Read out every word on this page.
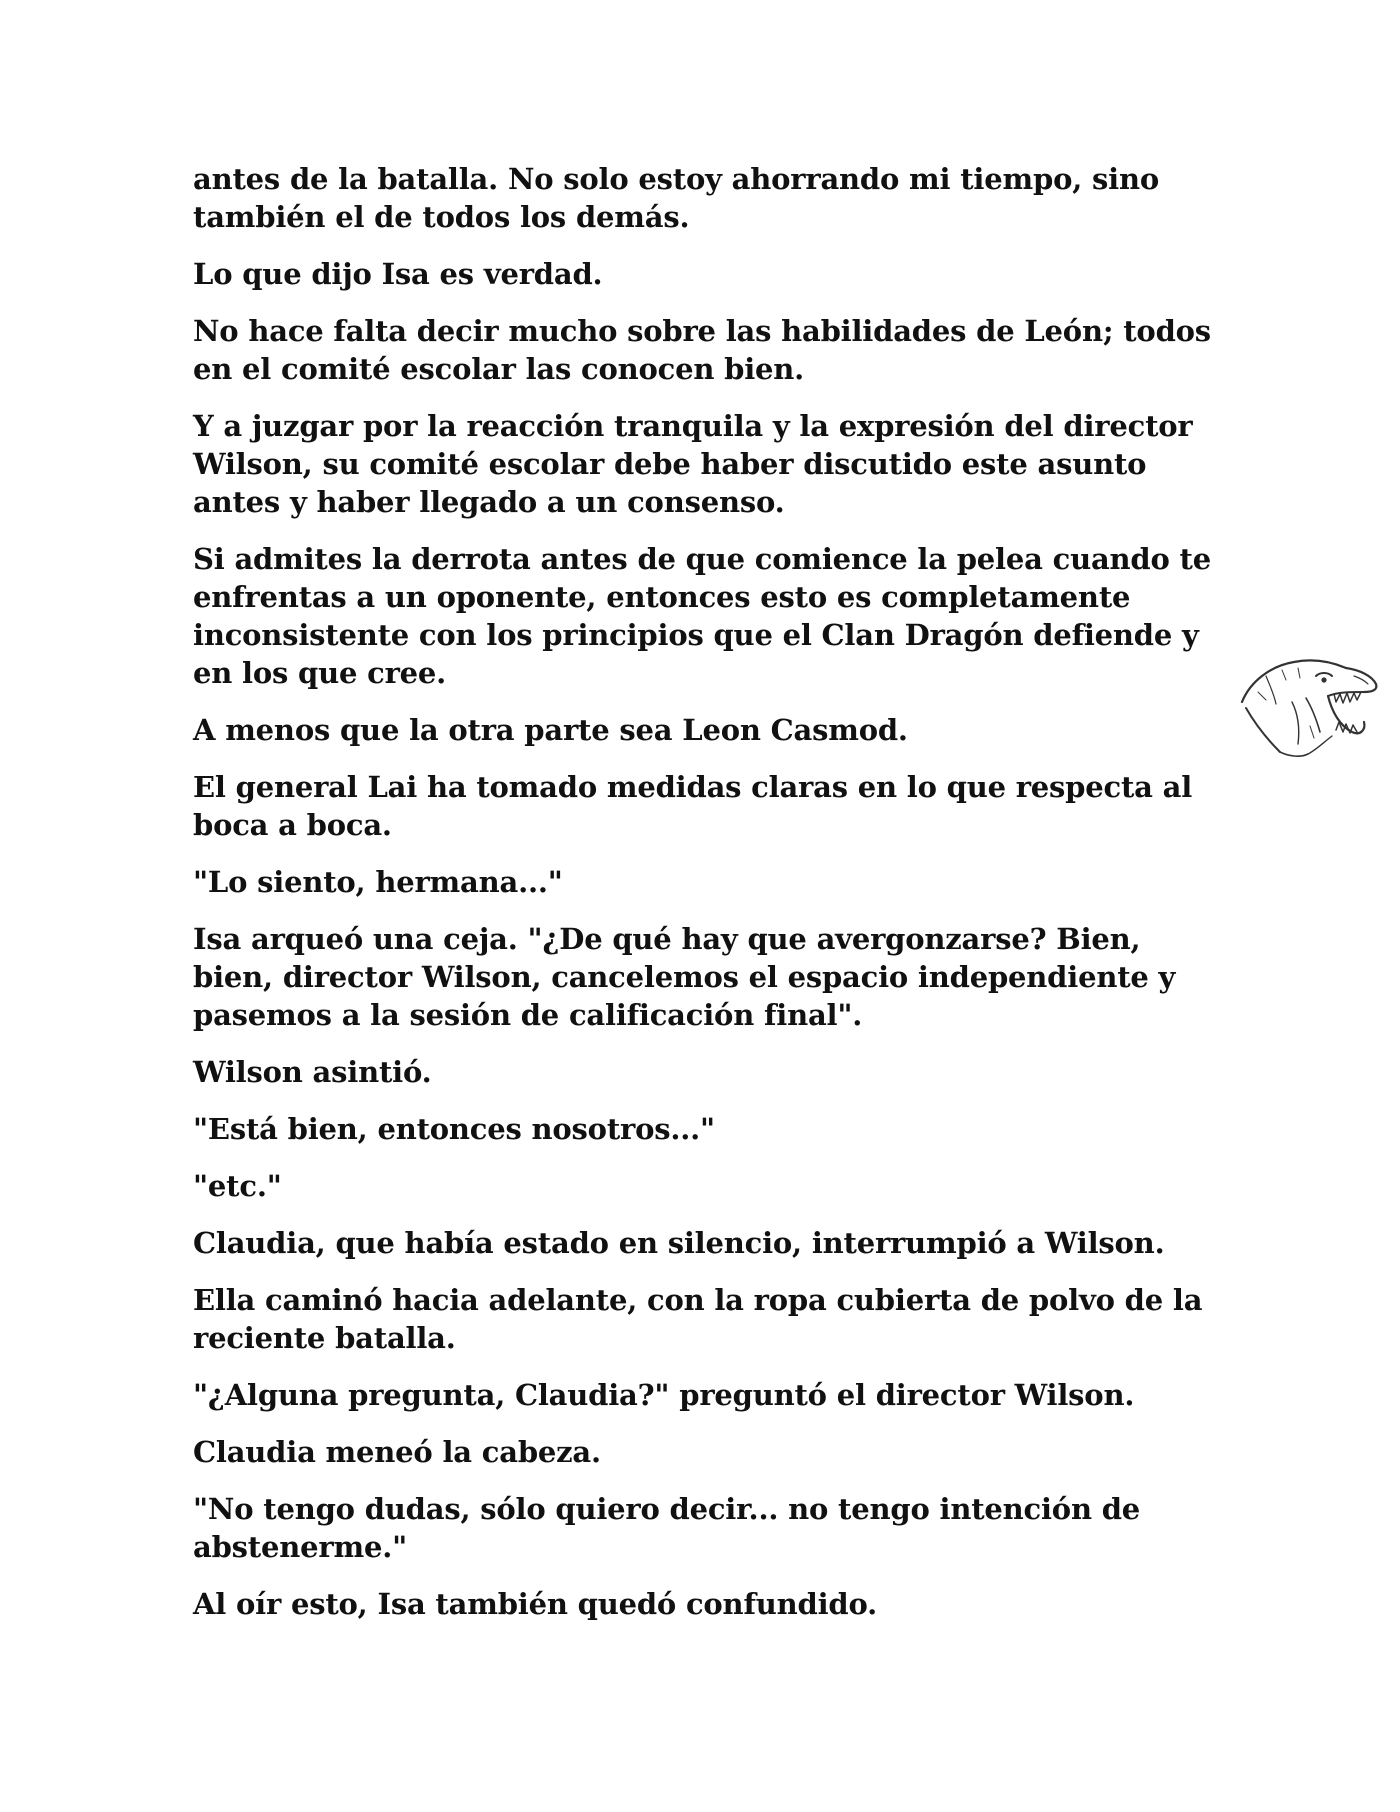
antes de la batalla. No solo estoy ahorrando mi tiempo, sino también el de todos los demás.

Lo que dijo Isa es verdad.

No hace falta decir mucho sobre las habilidades de León; todos en el comité escolar las conocen bien.

Y a juzgar por la reacción tranquila y la expresión del director Wilson, su comité escolar debe haber discutido este asunto antes y haber llegado a un consenso.

Si admites la derrota antes de que comience la pelea cuando te enfrentas a un oponente, entonces esto es completamente inconsistente con los principios que el Clan Dragón defiende y en los que cree.

A menos que la otra parte sea Leon Casmod.

El general Lai ha tomado medidas claras en lo que respecta al boca a boca.

"Lo siento, hermana..."

Isa arqueó una ceja. "¿De qué hay que avergonzarse? Bien, bien, director Wilson, cancelemos el espacio independiente y pasemos a la sesión de calificación final".

Wilson asintió.

"Está bien, entonces nosotros..."

"etc."

Claudia, que había estado en silencio, interrumpió a Wilson.

Ella caminó hacia adelante, con la ropa cubierta de polvo de la reciente batalla.

"¿Alguna pregunta, Claudia?" preguntó el director Wilson.

Claudia meneó la cabeza.

"No tengo dudas, sólo quiero decir... no tengo intención de abstenerme."

Al oír esto, Isa también quedó confundido.
